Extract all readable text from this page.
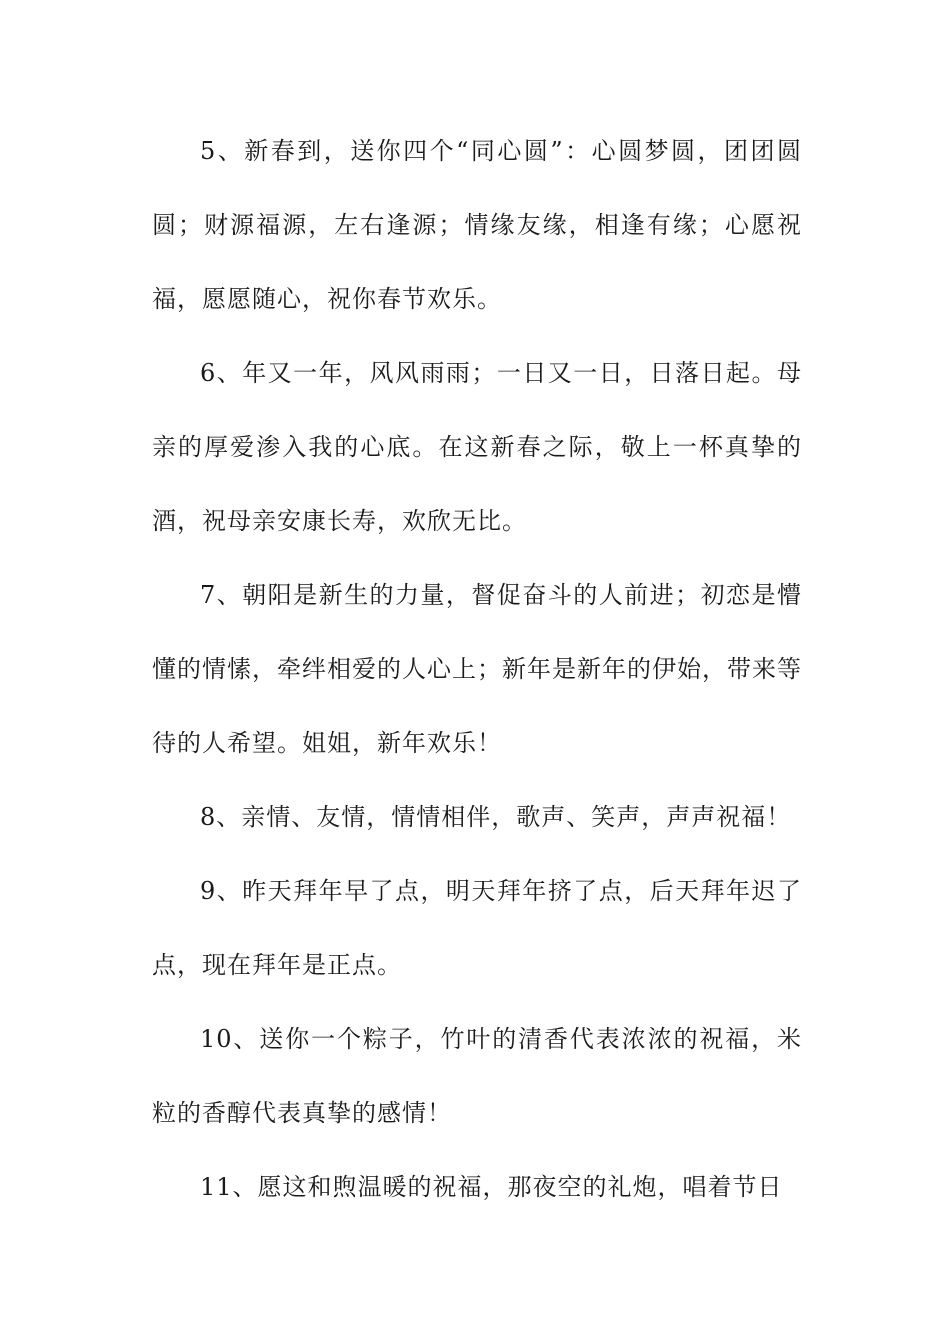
5、新春到，送你四个“同心圆”：心圆梦圆，团团圆圆；财源福源，左右逢源；情缘友缘，相逢有缘；心愿祝福，愿愿随心，祝你春节欢乐。

6、年又一年，风风雨雨；一日又一日，日落日起。母亲的厚爱渗入我的心底。在这新春之际，敬上一杯真挚的酒，祝母亲安康长寿，欢欣无比。

7、朝阳是新生的力量，督促奋斗的人前进；初恋是懵懂的情愫，牵绊相爱的人心上；新年是新年的伊始，带来等待的人希望。姐姐，新年欢乐！

8、亲情、友情，情情相伴，歌声、笑声，声声祝福！

9、昨天拜年早了点，明天拜年挤了点，后天拜年迟了点，现在拜年是正点。

10、送你一个粽子，竹叶的清香代表浓浓的祝福，米粒的香醇代表真挚的感情！

11、愿这和煦温暖的祝福，那夜空的礼炮，唱着节日
